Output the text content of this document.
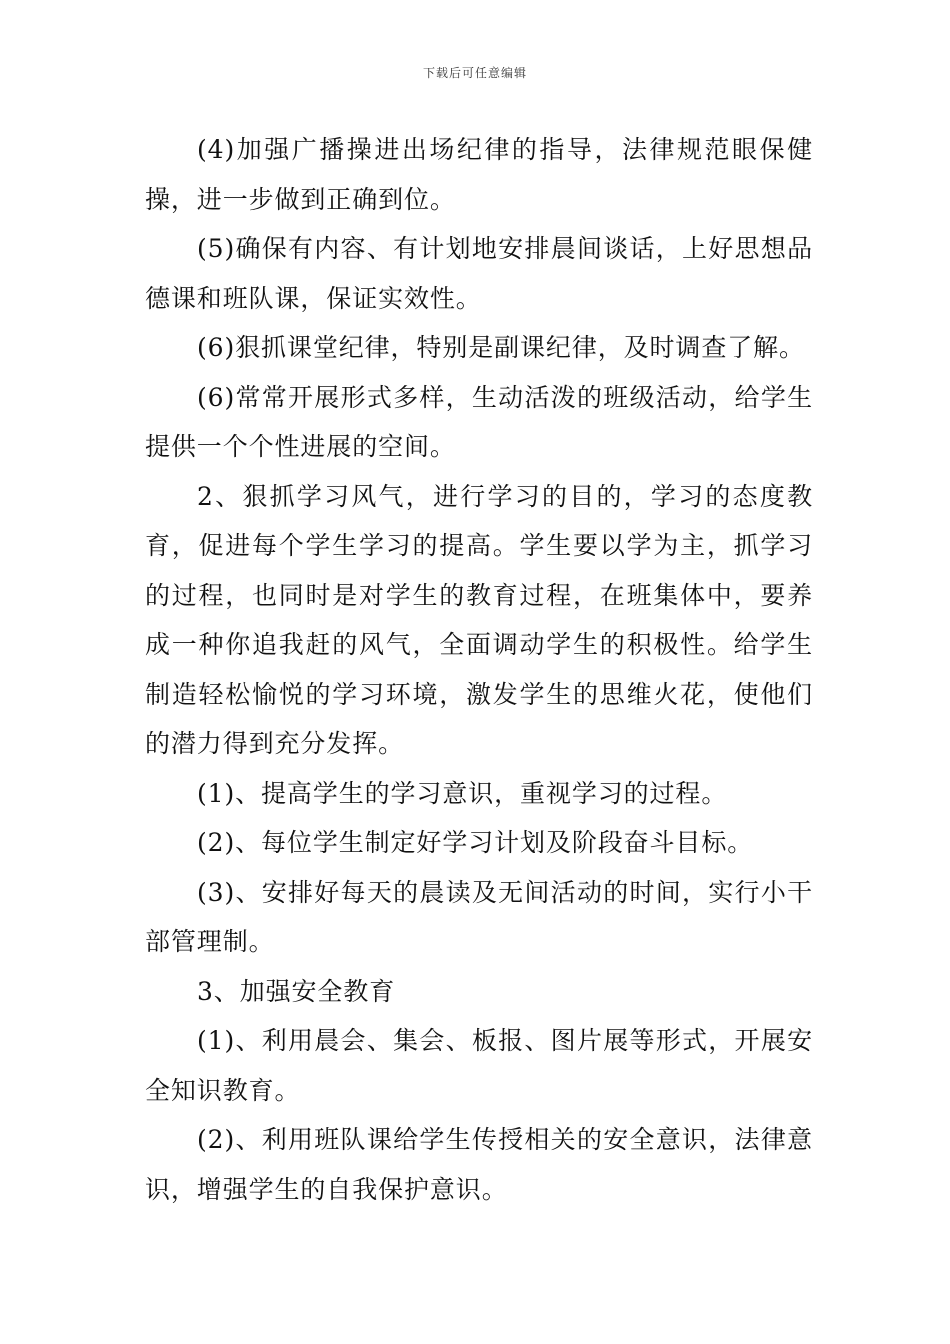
下载后可任意编辑

(4)加强广播操进出场纪律的指导，法律规范眼保健操，进一步做到正确到位。

(5)确保有内容、有计划地安排晨间谈话，上好思想品德课和班队课，保证实效性。

(6)狠抓课堂纪律，特别是副课纪律，及时调查了解。

(6)常常开展形式多样，生动活泼的班级活动，给学生提供一个个性进展的空间。

2、狠抓学习风气，进行学习的目的，学习的态度教育，促进每个学生学习的提高。学生要以学为主，抓学习的过程，也同时是对学生的教育过程，在班集体中，要养成一种你追我赶的风气，全面调动学生的积极性。给学生制造轻松愉悦的学习环境，激发学生的思维火花，使他们的潜力得到充分发挥。

(1)、提高学生的学习意识，重视学习的过程。

(2)、每位学生制定好学习计划及阶段奋斗目标。

(3)、安排好每天的晨读及无间活动的时间，实行小干部管理制。

3、加强安全教育

(1)、利用晨会、集会、板报、图片展等形式，开展安全知识教育。

(2)、利用班队课给学生传授相关的安全意识，法律意识，增强学生的自我保护意识。
